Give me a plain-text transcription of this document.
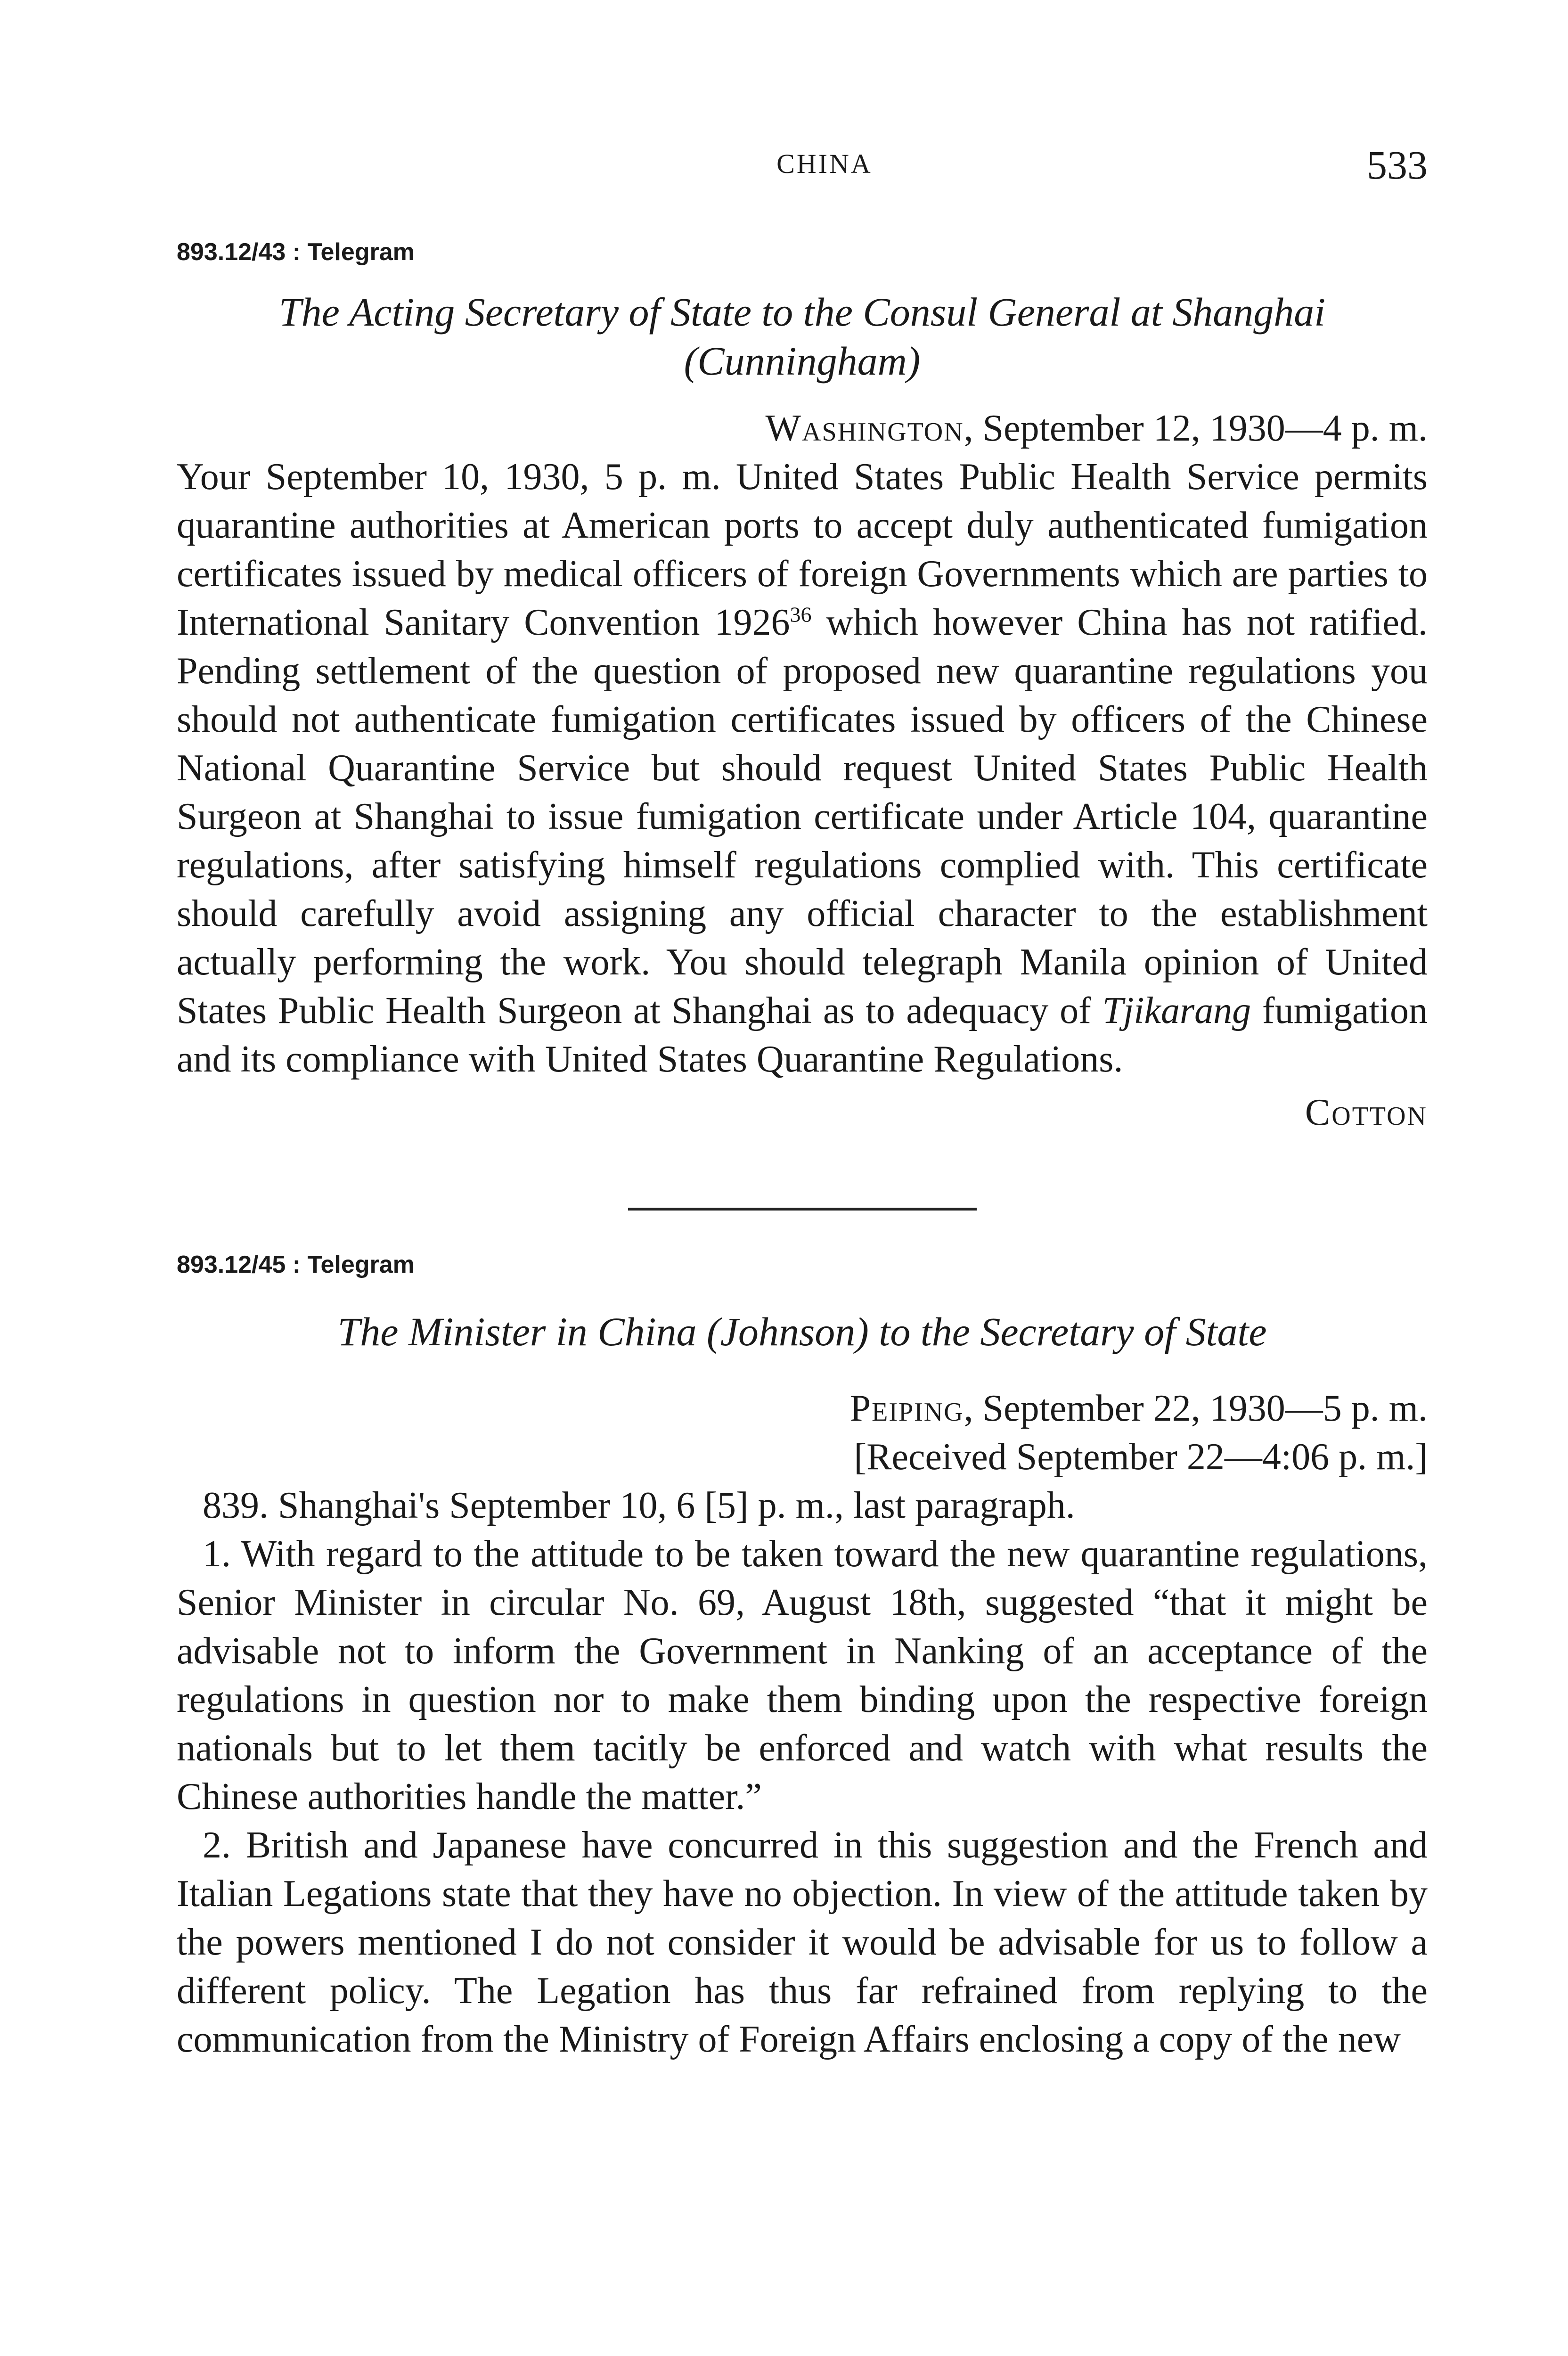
CHINA	533
893.12/43 : Telegram
The Acting Secretary of State to the Consul General at Shanghai
(Cunningham)
Washington, September 12, 1930—4 p. m.

Your September 10, 1930, 5 p. m. United States Public Health Service permits quarantine authorities at American ports to accept duly authenticated fumigation certificates issued by medical officers of foreign Governments which are parties to International Sanitary Convention 1926$^{36}$ which however China has not ratified. Pending settlement of the question of proposed new quarantine regulations you should not authenticate fumigation certificates issued by officers of the Chinese National Quarantine Service but should request United States Public Health Surgeon at Shanghai to issue fumigation certificate under Article 104, quarantine regulations, after satisfying himself regulations complied with. This certificate should carefully avoid assigning any official character to the establishment actually performing the work. You should telegraph Manila opinion of United States Public Health Surgeon at Shanghai as to adequacy of Tjikarang fumigation and its compliance with United States Quarantine Regulations.

Cotton
893.12/45 : Telegram
The Minister in China (Johnson) to the Secretary of State
Peiping, September 22, 1930—5 p. m.
[Received September 22—4:06 p. m.]

839. Shanghai's September 10, 6 [5] p. m., last paragraph.

1. With regard to the attitude to be taken toward the new quarantine regulations, Senior Minister in circular No. 69, August 18th, suggested “that it might be advisable not to inform the Government in Nanking of an acceptance of the regulations in question nor to make them binding upon the respective foreign nationals but to let them tacitly be enforced and watch with what results the Chinese authorities handle the matter.”

2. British and Japanese have concurred in this suggestion and the French and Italian Legations state that they have no objection. In view of the attitude taken by the powers mentioned I do not consider it would be advisable for us to follow a different policy. The Legation has thus far refrained from replying to the communication from the Ministry of Foreign Affairs enclosing a copy of the new
